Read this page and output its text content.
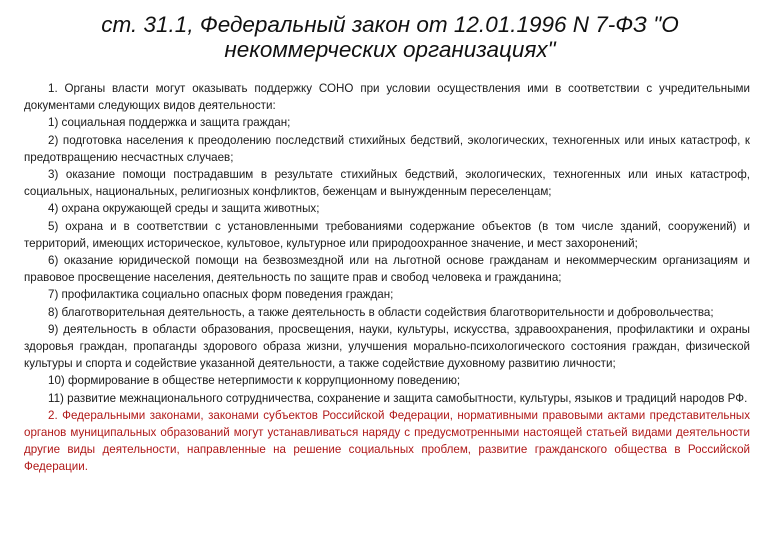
ст. 31.1, Федеральный закон от 12.01.1996 N 7-ФЗ "О некоммерческих организациях"

1. Органы власти могут оказывать поддержку СОНО при условии осуществления ими в соответствии с учредительными документами следующих видов деятельности:

1) социальная поддержка и защита граждан;

2) подготовка населения к преодолению последствий стихийных бедствий, экологических, техногенных или иных катастроф, к предотвращению несчастных случаев;

3) оказание помощи пострадавшим в результате стихийных бедствий, экологических, техногенных или иных катастроф, социальных, национальных, религиозных конфликтов, беженцам и вынужденным переселенцам;

4) охрана окружающей среды и защита животных;

5) охрана и в соответствии с установленными требованиями содержание объектов (в том числе зданий, сооружений) и территорий, имеющих историческое, культовое, культурное или природоохранное значение, и мест захоронений;

6) оказание юридической помощи на безвозмездной или на льготной основе гражданам и некоммерческим организациям и правовое просвещение населения, деятельность по защите прав и свобод человека и гражданина;

7) профилактика социально опасных форм поведения граждан;

8) благотворительная деятельность, а также деятельность в области содействия благотворительности и добровольчества;

9) деятельность в области образования, просвещения, науки, культуры, искусства, здравоохранения, профилактики и охраны здоровья граждан, пропаганды здорового образа жизни, улучшения морально-психологического состояния граждан, физической культуры и спорта и содействие указанной деятельности, а также содействие духовному развитию личности;

10) формирование в обществе нетерпимости к коррупционному поведению;

11) развитие межнационального сотрудничества, сохранение и защита самобытности, культуры, языков и традиций народов РФ.

2. Федеральными законами, законами субъектов Российской Федерации, нормативными правовыми актами представительных органов муниципальных образований могут устанавливаться наряду с предусмотренными настоящей статьей видами деятельности другие виды деятельности, направленные на решение социальных проблем, развитие гражданского общества в Российской Федерации.
